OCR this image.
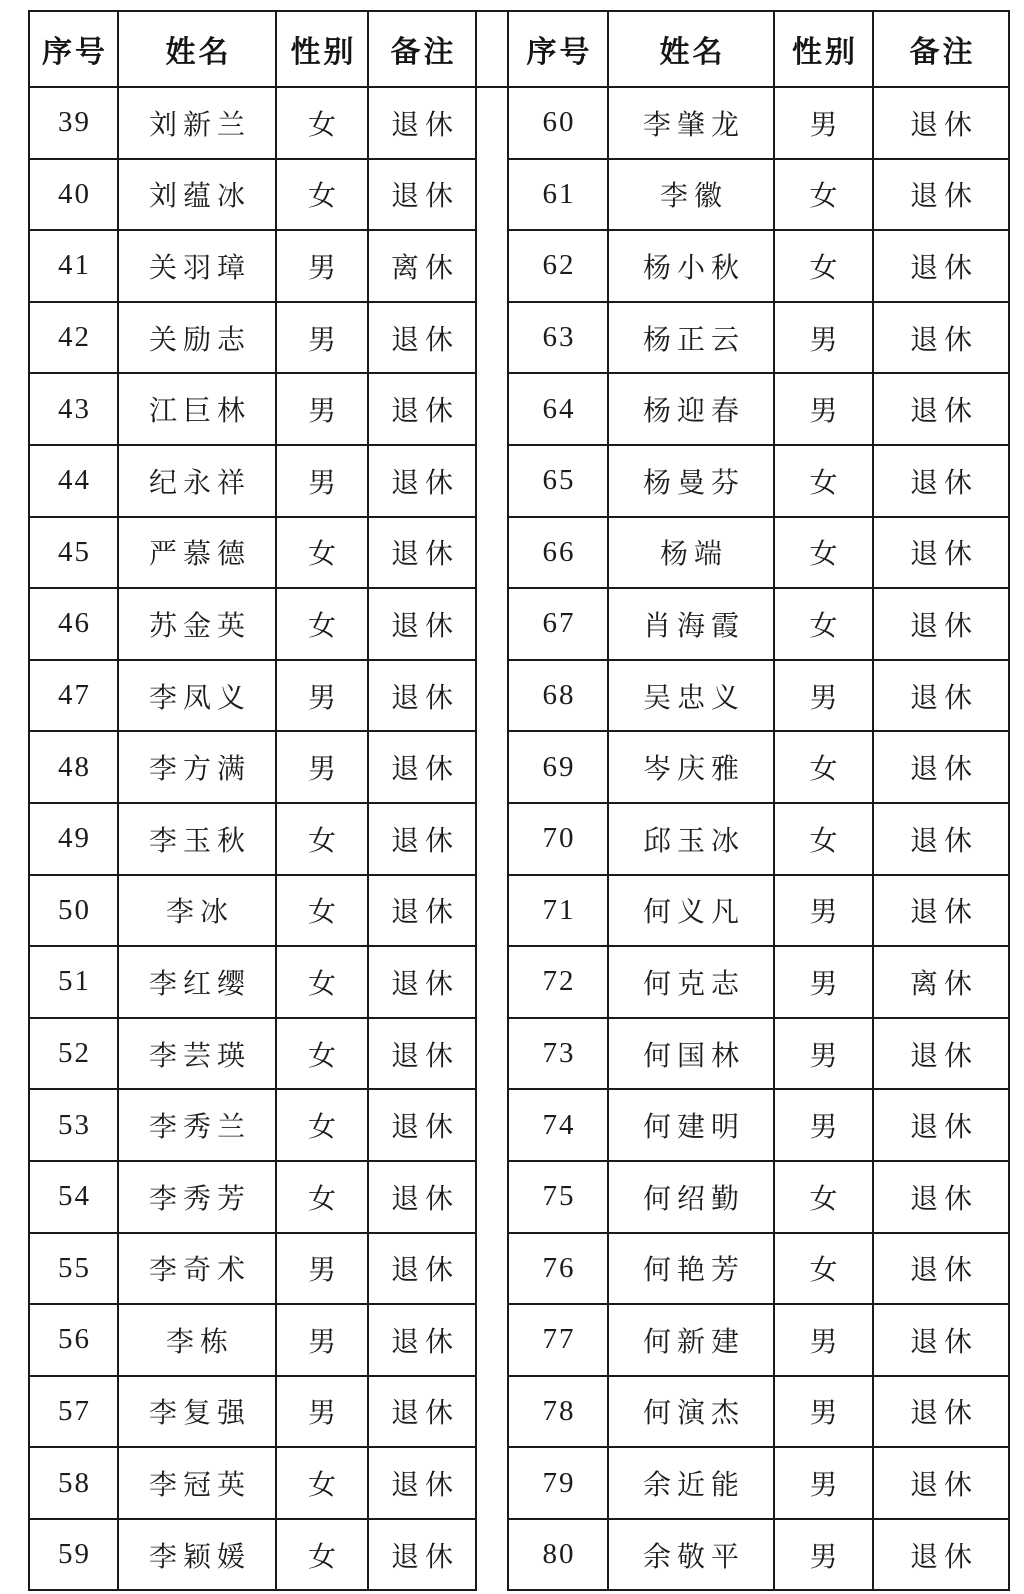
序号	姓名	性别	备注
39	刘新兰	女	退休
40	刘蕴冰	女	退休
41	关羽璋	男	离休
42	关励志	男	退休
43	江巨林	男	退休
44	纪永祥	男	退休
45	严慕德	女	退休
46	苏金英	女	退休
47	李凤义	男	退休
48	李方满	男	退休
49	李玉秋	女	退休
50	李冰	女	退休
51	李红缨	女	退休
52	李芸瑛	女	退休
53	李秀兰	女	退休
54	李秀芳	女	退休
55	李奇术	男	退休
56	李栋	男	退休
57	李复强	男	退休
58	李冠英	女	退休
59	李颖媛	女	退休
序号	姓名	性别	备注
60	李肇龙	男	退休
61	李徽	女	退休
62	杨小秋	女	退休
63	杨正云	男	退休
64	杨迎春	男	退休
65	杨曼芬	女	退休
66	杨端	女	退休
67	肖海霞	女	退休
68	吴忠义	男	退休
69	岑庆雅	女	退休
70	邱玉冰	女	退休
71	何义凡	男	退休
72	何克志	男	离休
73	何国林	男	退休
74	何建明	男	退休
75	何绍勤	女	退休
76	何艳芳	女	退休
77	何新建	男	退休
78	何演杰	男	退休
79	余近能	男	退休
80	余敬平	男	退休
